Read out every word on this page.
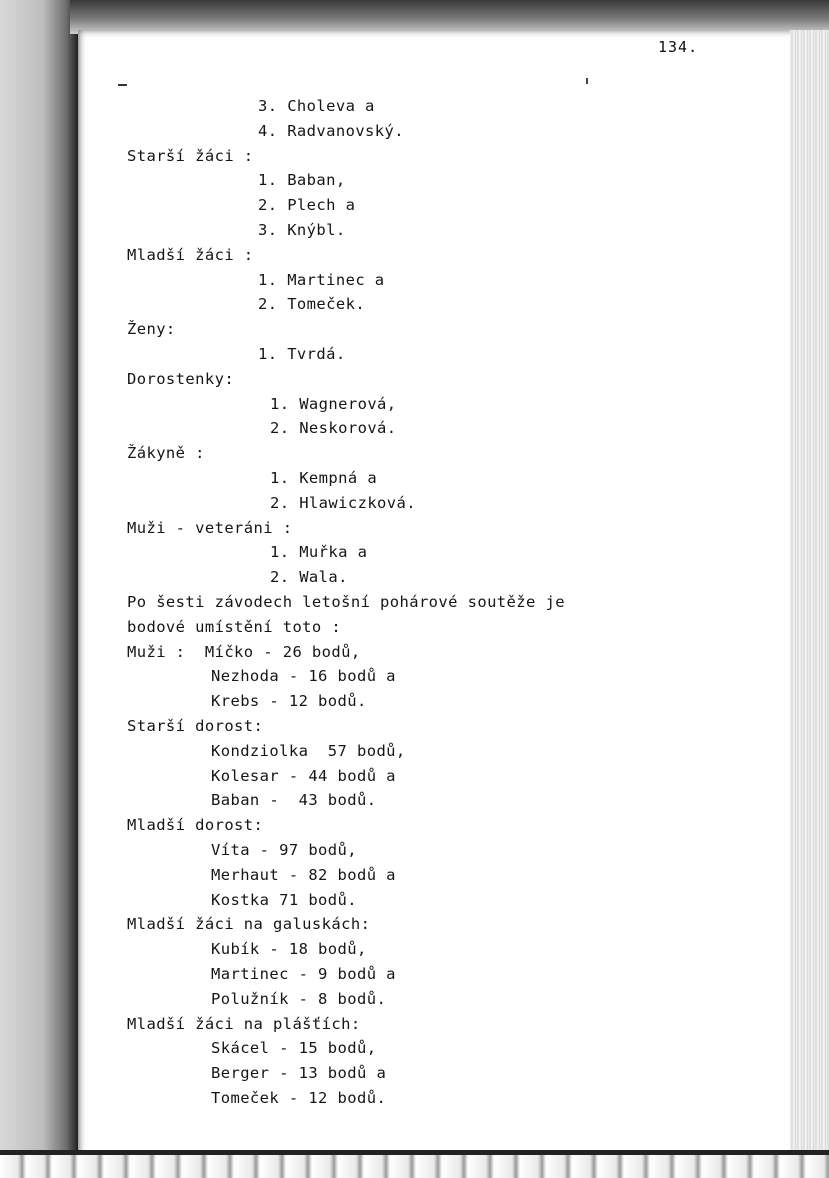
134.
3. Choleva a
4. Radvanovský.
Starší žáci :
1. Baban,
2. Plech a
3. Knýbl.
Mladší žáci :
1. Martinec a
2. Tomeček.
Ženy:
1. Tvrdá.
Dorostenky:
1. Wagnerová,
2. Neskorová.
Žákyně :
1. Kempná a
2. Hlawiczková.
Muži - veteráni :
1. Muřka a
2. Wala.
Po šesti závodech letošní pohárové soutěže je
bodové umístění toto :
Muži :  Míčko - 26 bodů,
Nezhoda - 16 bodů a
Krebs - 12 bodů.
Starší dorost:
Kondziolka  57 bodů,
Kolesar - 44 bodů a
Baban -  43 bodů.
Mladší dorost:
Víta - 97 bodů,
Merhaut - 82 bodů a
Kostka 71 bodů.
Mladší žáci na galuskách:
Kubík - 18 bodů,
Martinec - 9 bodů a
Polužník - 8 bodů.
Mladší žáci na plášťích:
Skácel - 15 bodů,
Berger - 13 bodů a
Tomeček - 12 bodů.
